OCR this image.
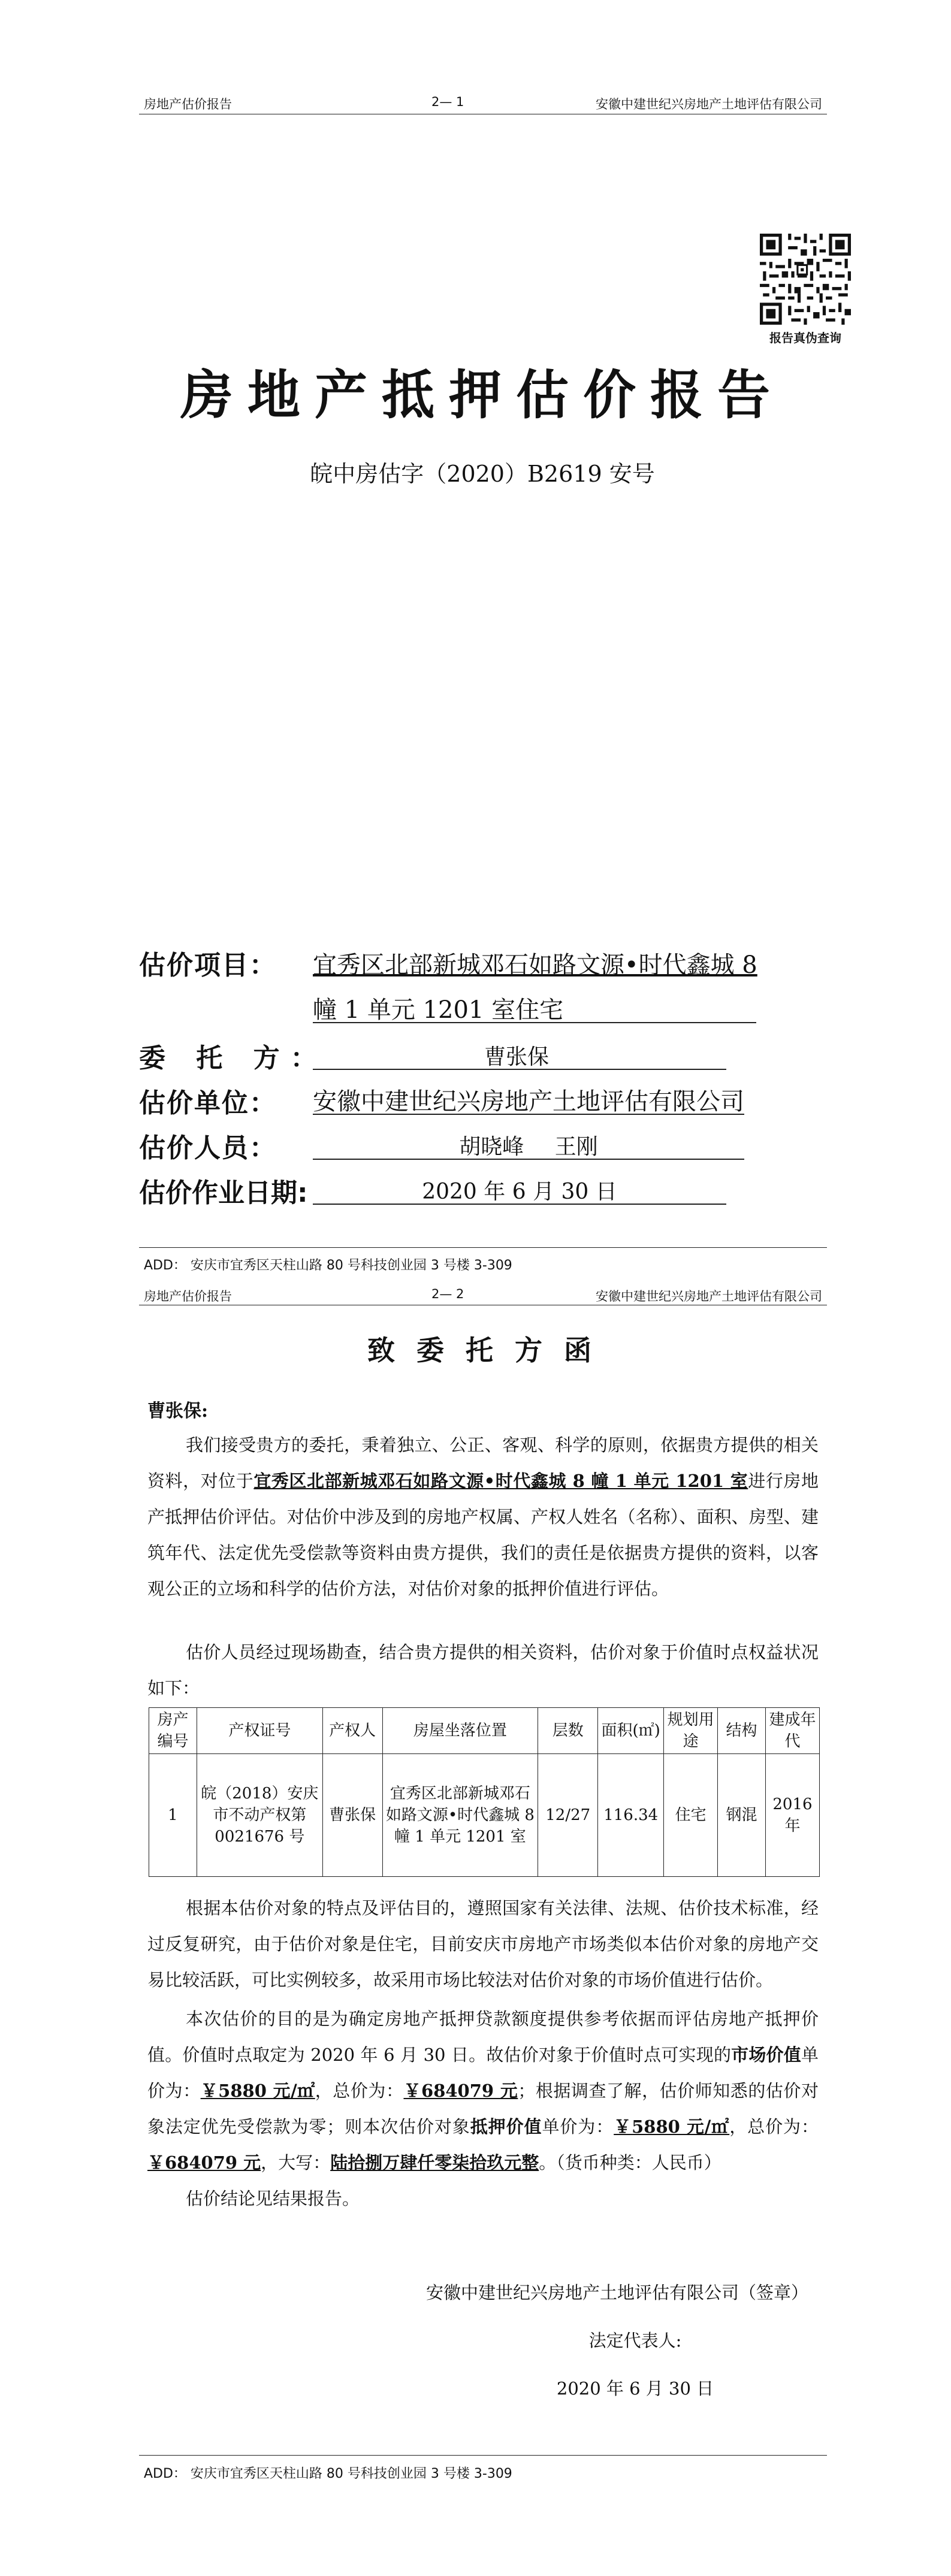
房地产估价报告	2— 1	安徽中建世纪兴房地产土地评估有限公司
报告真伪查询
房地产抵押估价报告
皖中房估字（2020）B2619 安号
估价项目： 宜秀区北部新城邓石如路文源•时代鑫城 8
幢 1 单元 1201 室住宅
委 托 方：	曹张保
估价单位： 安徽中建世纪兴房地产土地评估有限公司
估价人员：	胡晓峰 王刚
估价作业日期:	2020 年 6 月 30 日
ADD： 安庆市宜秀区天柱山路 80 号科技创业园 3 号楼 3-309
房地产估价报告	2— 2	安徽中建世纪兴房地产土地评估有限公司
致 委 托 方 函
曹张保:
我们接受贵方的委托，秉着独立、公正、客观、科学的原则，依据贵方提供的相关资料，对位于宜秀区北部新城邓石如路文源•时代鑫城 8 幢 1 单元 1201 室进行房地产抵押估价评估。对估价中涉及到的房地产权属、产权人姓名（名称）、面积、房型、建筑年代、法定优先受偿款等资料由贵方提供，我们的责任是依据贵方提供的资料，以客观公正的立场和科学的估价方法，对估价对象的抵押价值进行评估。
估价人员经过现场勘查，结合贵方提供的相关资料，估价对象于价值时点权益状况如下：
房产编号	产权证号	产权人	房屋坐落位置	层数	面积(㎡)	规划用途	结构	建成年代
1	皖（2018）安庆市不动产权第 0021676 号	曹张保	宜秀区北部新城邓石如路文源•时代鑫城 8 幢 1 单元 1201 室	12/27	116.34	住宅	钢混	2016 年
根据本估价对象的特点及评估目的，遵照国家有关法律、法规、估价技术标准，经过反复研究，由于估价对象是住宅，目前安庆市房地产市场类似本估价对象的房地产交易比较活跃，可比实例较多，故采用市场比较法对估价对象的市场价值进行估价。
本次估价的目的是为确定房地产抵押贷款额度提供参考依据而评估房地产抵押价值。价值时点取定为 2020 年 6 月 30 日。故估价对象于价值时点可实现的市场价值单价为：￥5880 元/㎡，总价为：￥684079 元；根据调查了解，估价师知悉的估价对象法定优先受偿款为零；则本次估价对象抵押价值单价为：￥5880 元/㎡，总价为：￥684079 元，大写：陆拾捌万肆仟零柒拾玖元整。（货币种类：人民币）
估价结论见结果报告。
安徽中建世纪兴房地产土地评估有限公司（签章）
法定代表人:
2020 年 6 月 30 日
ADD： 安庆市宜秀区天柱山路 80 号科技创业园 3 号楼 3-309
